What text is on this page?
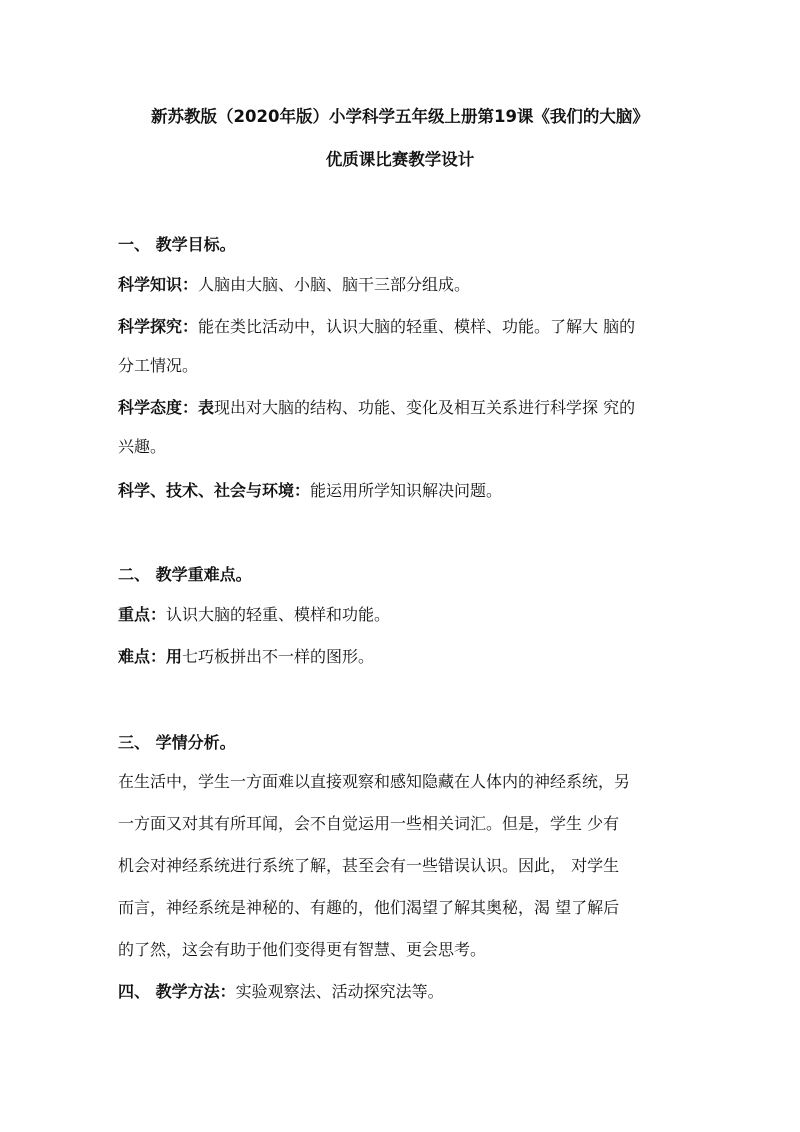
新苏教版（2020年版）小学科学五年级上册第19课《我们的大脑》
优质课比赛教学设计
一、 教学目标。
科学知识：人脑由大脑、小脑、脑干三部分组成。
科学探究：能在类比活动中，认识大脑的轻重、模样、功能。了解大 脑的
分工情况。
科学态度：表现出对大脑的结构、功能、变化及相互关系进行科学探 究的
兴趣。
科学、技术、社会与环境：能运用所学知识解决问题。
二、 教学重难点。
重点：认识大脑的轻重、模样和功能。
难点：用七巧板拼出不一样的图形。
三、 学情分析。
在生活中，学生一方面难以直接观察和感知隐藏在人体内的神经系统，另
一方面又对其有所耳闻，会不自觉运用一些相关词汇。但是，学生 少有
机会对神经系统进行系统了解，甚至会有一些错误认识。因此， 对学生
而言，神经系统是神秘的、有趣的，他们渴望了解其奥秘，渴 望了解后
的了然，这会有助于他们变得更有智慧、更会思考。
四、 教学方法：实验观察法、活动探究法等。
